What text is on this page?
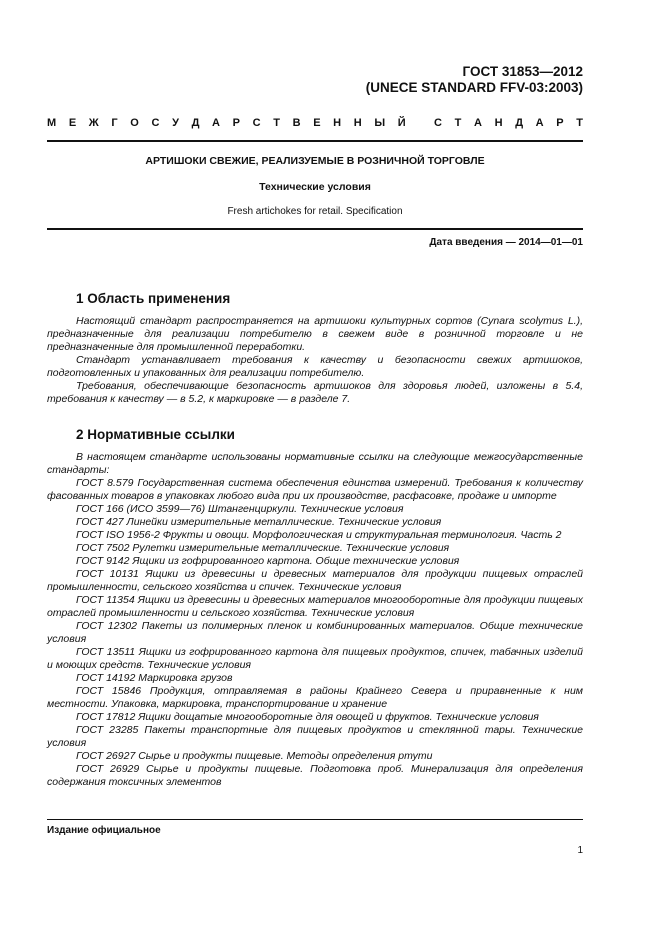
ГОСТ 31853—2012
(UNECE STANDARD FFV-03:2003)
М Е Ж Г О С У Д А Р С Т В Е Н Н Ы Й
	С Т А Н Д А Р Т
АРТИШОКИ СВЕЖИЕ, РЕАЛИЗУЕМЫЕ В РОЗНИЧНОЙ ТОРГОВЛЕ
Технические условия
Fresh artichokes for retail. Specification
Дата введения — 2014—01—01
1 Область применения

Настоящий стандарт распространяется на артишоки культурных сортов (Cynara scolymus L.), предназначенные для реализации потребителю в свежем виде в розничной торговле и не предназначенные для промышленной переработки.

Стандарт устанавливает требования к качеству и безопасности свежих артишоков, подготовленных и упакованных для реализации потребителю.

Требования, обеспечивающие безопасность артишоков для здоровья людей, изложены в 5.4, требования к качеству — в 5.2, к маркировке — в разделе 7.

2 Нормативные ссылки

В настоящем стандарте использованы нормативные ссылки на следующие межгосударственные стандарты:

ГОСТ 8.579 Государственная система обеспечения единства измерений. Требования к количеству фасованных товаров в упаковках любого вида при их производстве, расфасовке, продаже и импорте

ГОСТ 166 (ИСО 3599—76) Штангенциркули. Технические условия

ГОСТ 427 Линейки измерительные металлические. Технические условия

ГОСТ ISO 1956-2 Фрукты и овощи. Морфологическая и структуральная терминология. Часть 2

ГОСТ 7502 Рулетки измерительные металлические. Технические условия

ГОСТ 9142 Ящики из гофрированного картона. Общие технические условия

ГОСТ 10131 Ящики из древесины и древесных материалов для продукции пищевых отраслей промышленности, сельского хозяйства и спичек. Технические условия

ГОСТ 11354 Ящики из древесины и древесных материалов многооборотные для продукции пищевых отраслей промышленности и сельского хозяйства. Технические условия

ГОСТ 12302 Пакеты из полимерных пленок и комбинированных материалов. Общие технические условия

ГОСТ 13511 Ящики из гофрированного картона для пищевых продуктов, спичек, табачных изделий и моющих средств. Технические условия

ГОСТ 14192 Маркировка грузов

ГОСТ 15846 Продукция, отправляемая в районы Крайнего Севера и приравненные к ним местности. Упаковка, маркировка, транспортирование и хранение

ГОСТ 17812 Ящики дощатые многооборотные для овощей и фруктов. Технические условия

ГОСТ 23285 Пакеты транспортные для пищевых продуктов и стеклянной тары. Технические условия

ГОСТ 26927 Сырье и продукты пищевые. Методы определения ртути

ГОСТ 26929 Сырье и продукты пищевые. Подготовка проб. Минерализация для определения содержания токсичных элементов

Издание официальное
1
